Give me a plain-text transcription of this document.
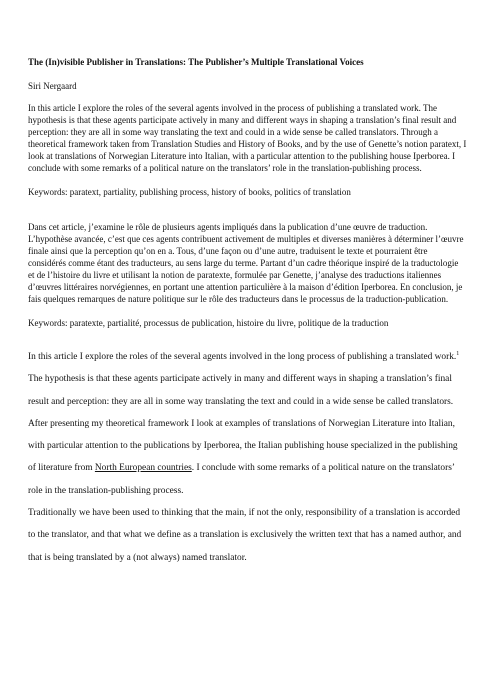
The (In)visible Publisher in Translations: The Publisher’s Multiple Translational Voices

Siri Nergaard

In this article I explore the roles of the several agents involved in the process of publishing a translated work. The hypothesis is that these agents participate actively in many and different ways in shaping a translation’s final result and perception: they are all in some way translating the text and could in a wide sense be called translators. Through a theoretical framework taken from Translation Studies and History of Books, and by the use of Genette’s notion paratext, I look at translations of Norwegian Literature into Italian, with a particular attention to the publishing house Iperborea. I conclude with some remarks of a political nature on the translators’ role in the translation-publishing process.

Keywords: paratext, partiality, publishing process, history of books, politics of translation

Dans cet article, j’examine le rôle de plusieurs agents impliqués dans la publication d’une œuvre de traduction. L’hypothèse avancée, c’est que ces agents contribuent activement de multiples et diverses manières à déterminer l’œuvre finale ainsi que la perception qu’on en a. Tous, d’une façon ou d’une autre, traduisent le texte et pourraient être considérés comme étant des traducteurs, au sens large du terme. Partant d’un cadre théorique inspiré de la traductologie et de l’histoire du livre et utilisant la notion de paratexte, formulée par Genette, j’analyse des traductions italiennes d’œuvres littéraires norvégiennes, en portant une attention particulière à la maison d’édition Iperborea. En conclusion, je fais quelques remarques de nature politique sur le rôle des traducteurs dans le processus de la traduction-publication.

Keywords: paratexte, partialité, processus de publication, histoire du livre, politique de la traduction

In this article I explore the roles of the several agents involved in the long process of publishing a translated work.$^1$ The hypothesis is that these agents participate actively in many and different ways in shaping a translation’s final result and perception: they are all in some way translating the text and could in a wide sense be called translators. After presenting my theoretical framework I look at examples of translations of Norwegian Literature into Italian, with particular attention to the publications by Iperborea, the Italian publishing house specialized in the publishing of literature from North European countries. I conclude with some remarks of a political nature on the translators’ role in the translation-publishing process.

Traditionally we have been used to thinking that the main, if not the only, responsibility of a translation is accorded to the translator, and that what we define as a translation is exclusively the written text that has a named author, and that is being translated by a (not always) named translator.
